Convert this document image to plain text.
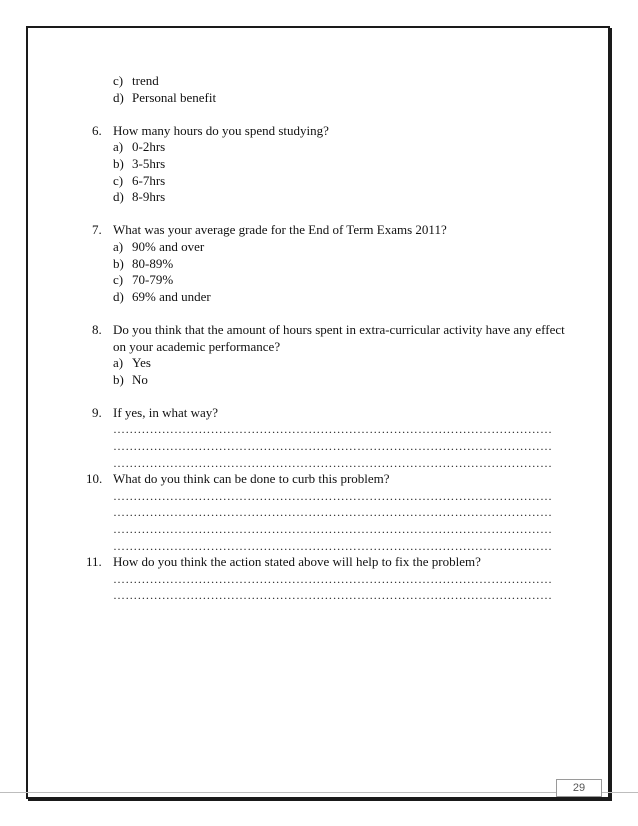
29
c) trend
d) Personal benefit
6. How many hours do you spend studying?
a) 0-2hrs
b) 3-5hrs
c) 6-7hrs
d) 8-9hrs
7. What was your average grade for the End of Term Exams 2011?
a) 90% and over
b) 80-89%
c) 70-79%
d) 69% and under
8. Do you think that the amount of hours spent in extra-curricular activity have any effect
on your academic performance?
a) Yes
b) No
9. If yes, in what way?
………………………………………………………………………………………………
………………………………………………………………………………………………
………………………………………………………………………………………………
10. What do you think can be done to curb this problem?
………………………………………………………………………………………………
………………………………………………………………………………………………
………………………………………………………………………………………………
………………………………………………………………………………………………
11. How do you think the action stated above will help to fix the problem?
………………………………………………………………………………………………
………………………………………………………………………………………………
